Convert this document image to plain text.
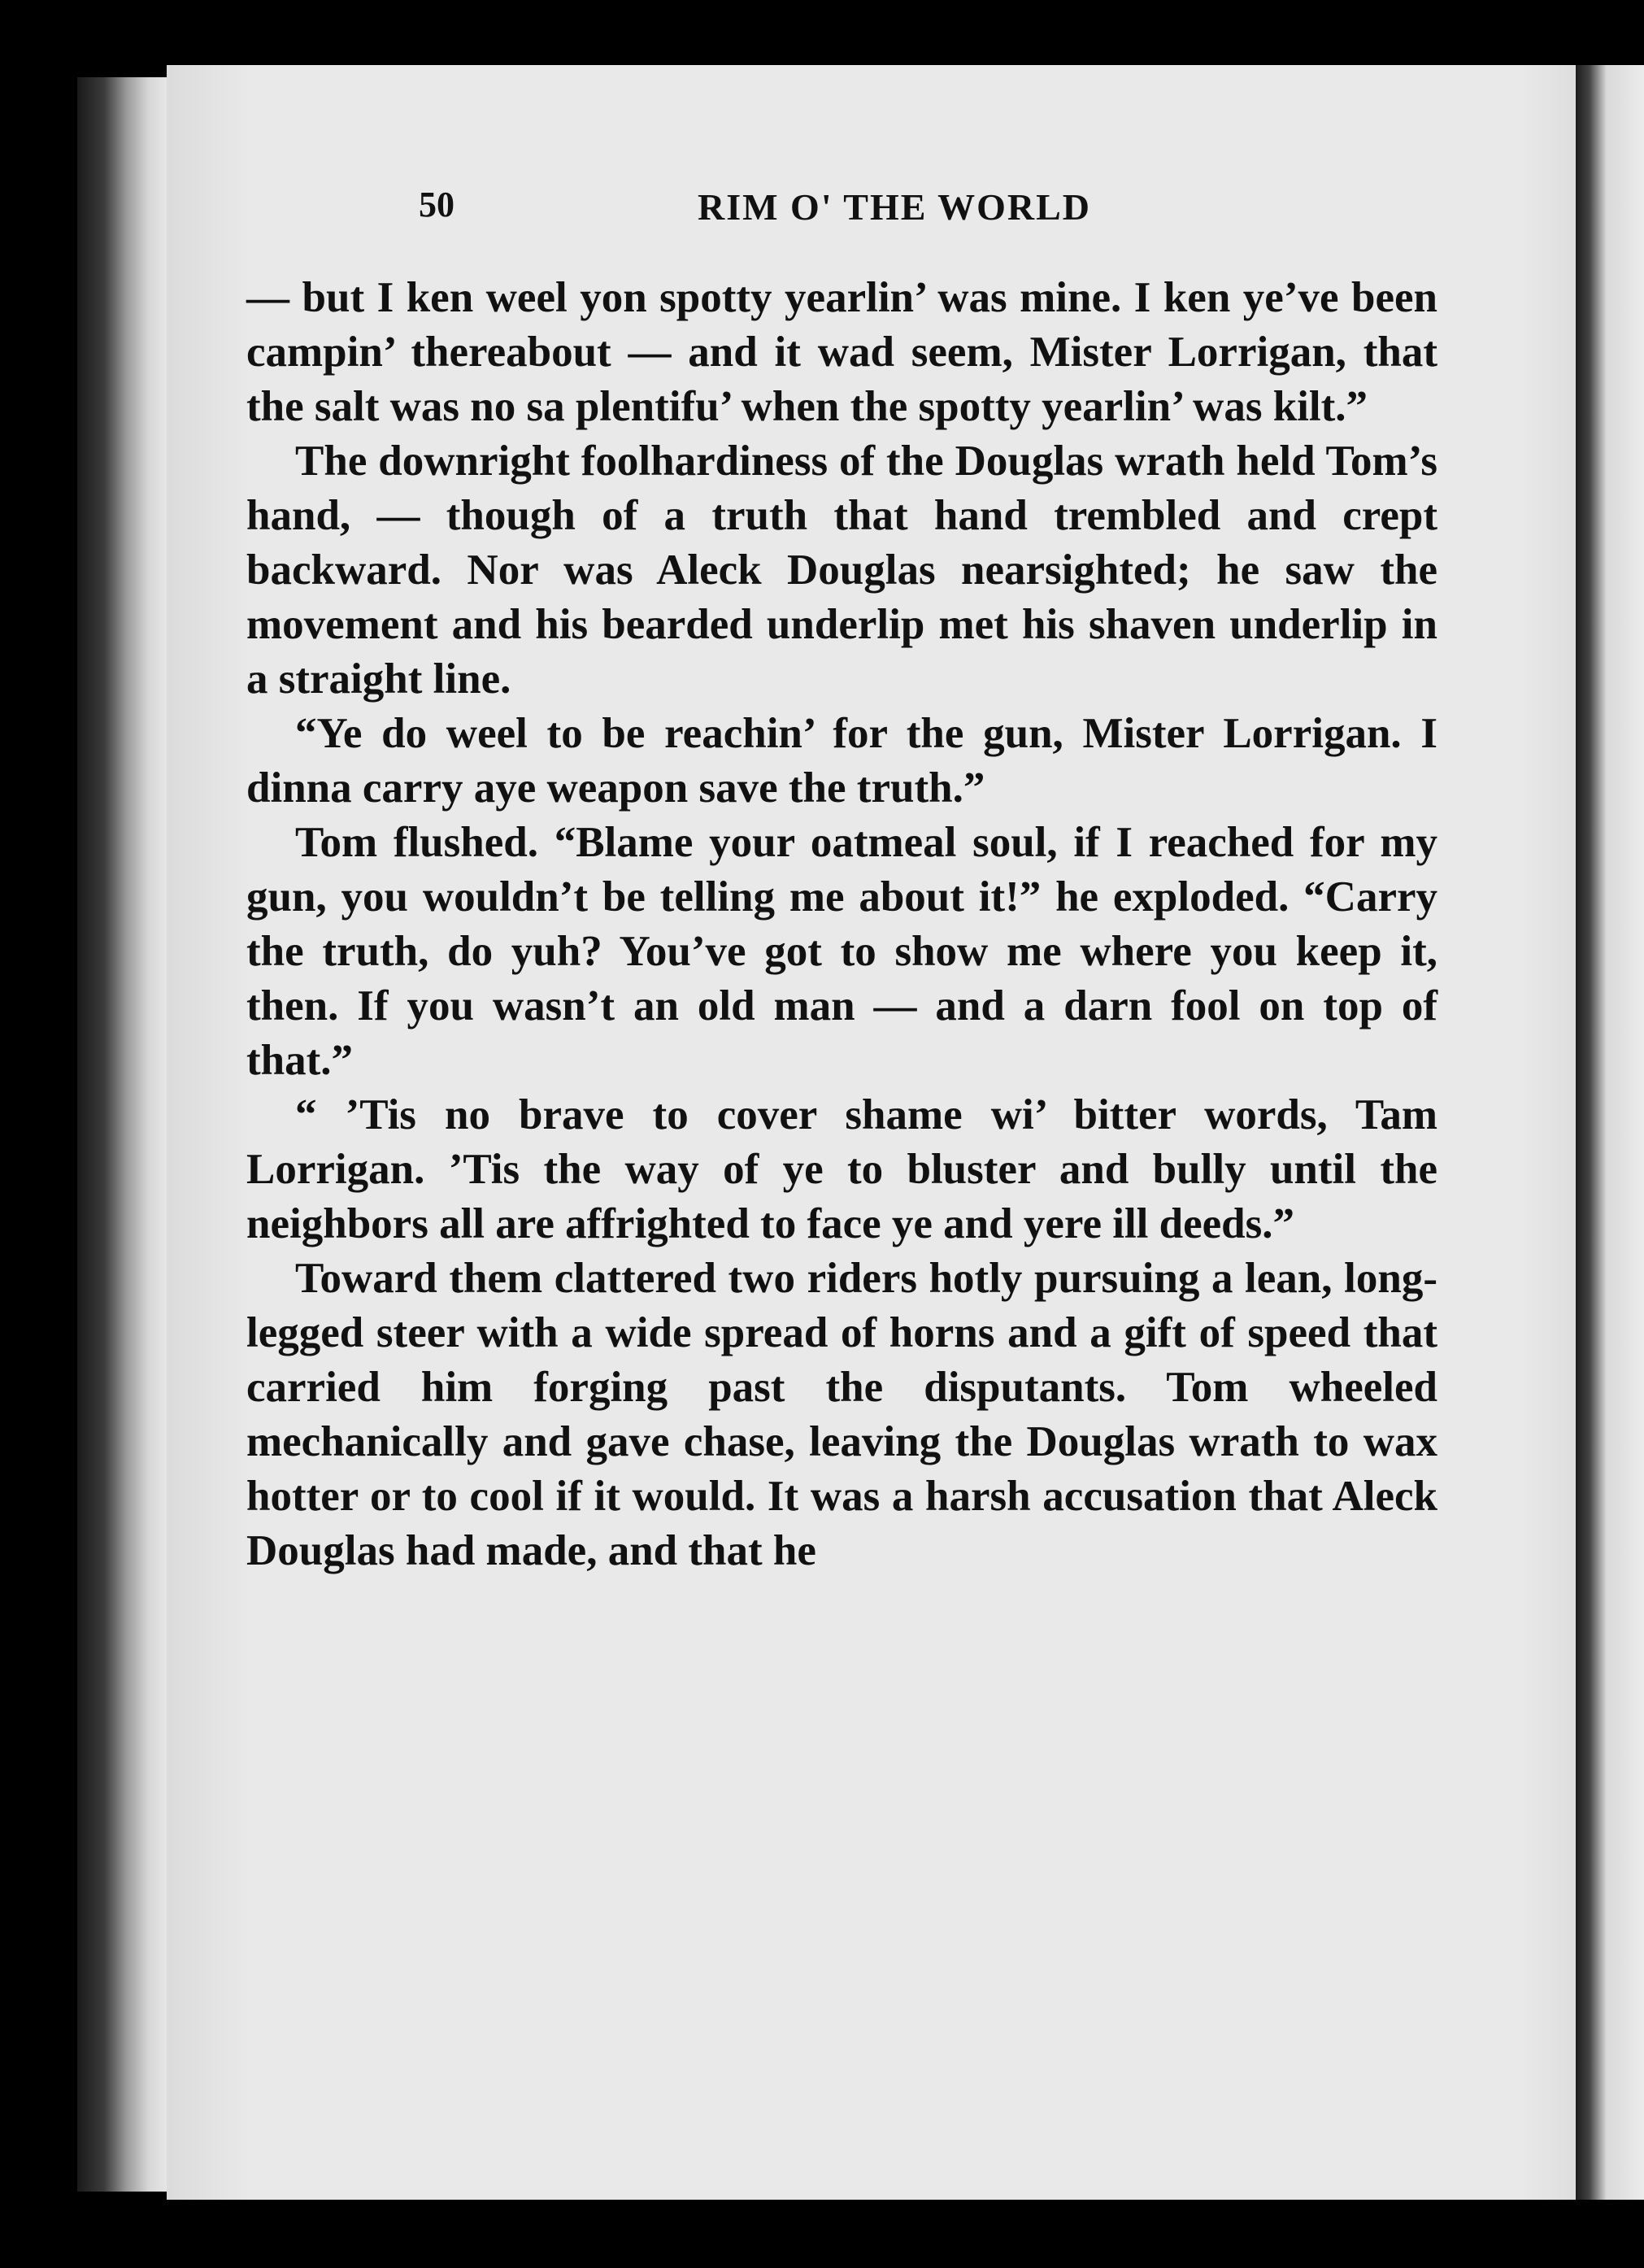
50	RIM O' THE WORLD

— but I ken weel yon spotty yearlin’ was mine. I ken ye’ve been campin’ thereabout — and it wad seem, Mister Lorrigan, that the salt was no sa plentifu’ when the spotty yearlin’ was kilt.”

The downright foolhardiness of the Douglas wrath held Tom’s hand, — though of a truth that hand trembled and crept backward. Nor was Aleck Douglas nearsighted; he saw the movement and his bearded underlip met his shaven underlip in a straight line.

“Ye do weel to be reachin’ for the gun, Mister Lorrigan. I dinna carry aye weapon save the truth.”

Tom flushed. “Blame your oatmeal soul, if I reached for my gun, you wouldn’t be telling me about it!” he exploded. “Carry the truth, do yuh? You’ve got to show me where you keep it, then. If you wasn’t an old man — and a darn fool on top of that.”

“ ’Tis no brave to cover shame wi’ bitter words, Tam Lorrigan. ’Tis the way of ye to bluster and bully until the neighbors all are affrighted to face ye and yere ill deeds.”

Toward them clattered two riders hotly pursuing a lean, long-legged steer with a wide spread of horns and a gift of speed that carried him forging past the disputants. Tom wheeled mechanically and gave chase, leaving the Douglas wrath to wax hotter or to cool if it would. It was a harsh accusation that Aleck Douglas had made, and that he
